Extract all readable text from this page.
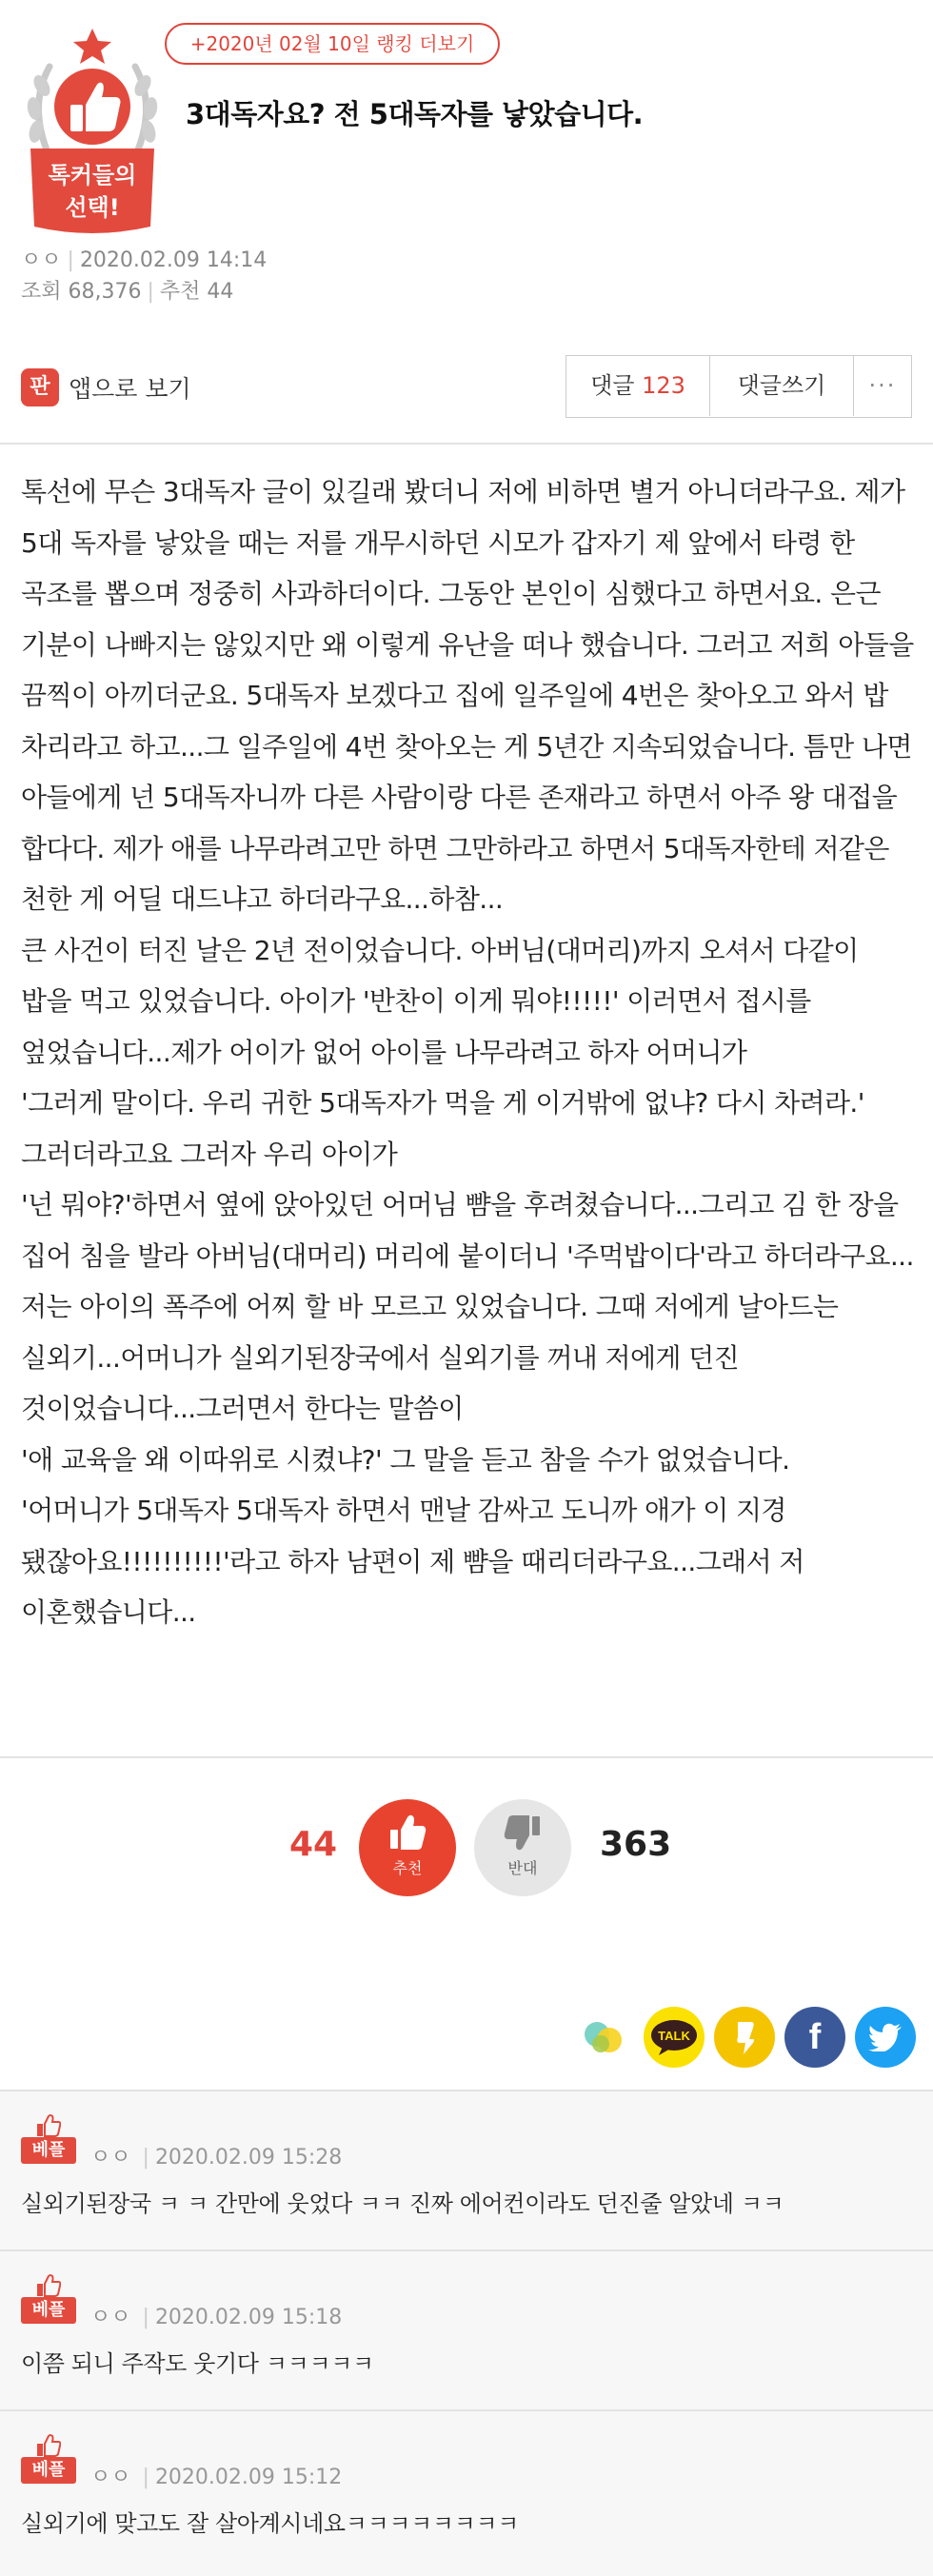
톡커들의
선택!
+2020년 02월 10일 랭킹 더보기
3대독자요? 전 5대독자를 낳았습니다.
ㅇㅇ | 2020.02.09 14:14
조회 68,376 | 추천 44
판 앱으로 보기	댓글 123	댓글쓰기	···
톡선에 무슨 3대독자 글이 있길래 봤더니 저에 비하면 별거 아니더라구요. 제가 5대 독자를 낳았을 때는 저를 개무시하던 시모가 갑자기 제 앞에서 타령 한 곡조를 뽑으며 정중히 사과하더이다. 그동안 본인이 심했다고 하면서요. 은근 기분이 나빠지는 않있지만 왜 이렇게 유난을 떠나 했습니다. 그러고 저희 아들을 끔찍이 아끼더군요. 5대독자 보겠다고 집에 일주일에 4번은 찾아오고 와서 밥 차리라고 하고...그 일주일에 4번 찾아오는 게 5년간 지속되었습니다. 틈만 나면 아들에게 넌 5대독자니까 다른 사람이랑 다른 존재라고 하면서 아주 왕 대접을 합다다. 제가 애를 나무라려고만 하면 그만하라고 하면서 5대독자한테 저같은 천한 게 어딜 대드냐고 하더라구요...하참...
큰 사건이 터진 날은 2년 전이었습니다. 아버님(대머리)까지 오셔서 다같이 밥을 먹고 있었습니다. 아이가 '반찬이 이게 뭐야!!!!!' 이러면서 접시를 엎었습니다...제가 어이가 없어 아이를 나무라려고 하자 어머니가
'그러게 말이다. 우리 귀한 5대독자가 먹을 게 이거밖에 없냐? 다시 차려라.' 그러더라고요 그러자 우리 아이가
'넌 뭐야?'하면서 옆에 앉아있던 어머님 뺨을 후려쳤습니다...그리고 김 한 장을 집어 침을 발라 아버님(대머리) 머리에 붙이더니 '주먹밥이다'라고 하더라구요...저는 아이의 폭주에 어찌 할 바 모르고 있었습니다. 그때 저에게 날아드는 실외기...어머니가 실외기된장국에서 실외기를 꺼내 저에게 던진 것이었습니다...그러면서 한다는 말씀이
'애 교육을 왜 이따위로 시켰냐?' 그 말을 듣고 참을 수가 없었습니다.
'어머니가 5대독자 5대독자 하면서 맨날 감싸고 도니까 애가 이 지경 됐잖아요!!!!!!!!!!'라고 하자 남편이 제 뺨을 때리더라구요...그래서 저 이혼했습니다...
44
추천	반대
363
TALK	f
베플	ㅇㅇ | 2020.02.09 15:28
실외기된장국 ㅋ ㅋ 간만에 웃었다 ㅋㅋ 진짜 에어컨이라도 던진줄 알았네 ㅋㅋ
베플	ㅇㅇ | 2020.02.09 15:18
이쯤 되니 주작도 웃기다 ㅋㅋㅋㅋㅋ
베플	ㅇㅇ | 2020.02.09 15:12
실외기에 맞고도 잘 살아계시네요ㅋㅋㅋㅋㅋㅋㅋㅋ
